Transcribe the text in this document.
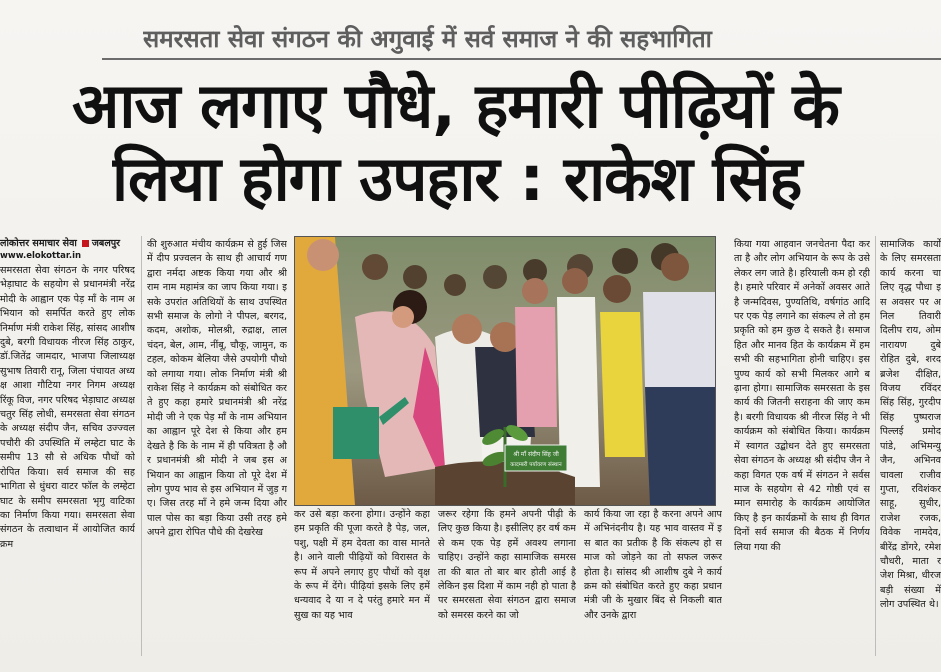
समरसता सेवा संगठन की अगुवाई में सर्व समाज ने की सहभागिता
आज लगाए पौधे, हमारी पीढ़ियों के
लिया होगा उपहार : राकेश सिंह
लोकोत्तर समाचार सेवा जबलपुर
www.elokottar.in
समरसता सेवा संगठन के नगर परिषद भेड़ाघाट के सहयोग से प्रधानमंत्री नरेंद्र मोदी के आह्वान एक पेड़ माँ के नाम अभियान को समर्पित करते हुए लोक निर्माण मंत्री राकेश सिंह, सांसद आशीष दुबे, बरगी विधायक नीरज सिंह ठाकुर, डॉ.जितेंद्र जामदार, भाजपा जिलाध्यक्ष सुभाष तिवारी रानू, जिला पंचायत अध्यक्ष आशा गौटिया नगर निगम अध्यक्ष रिंकू विज, नगर परिषद भेड़ाघाट अध्यक्ष चतुर सिंह लोधी, समरसता सेवा संगठन के अध्यक्ष संदीप जैन, सचिव उज्ज्वल पचौरी की उपस्थिति में लम्हेटा घाट के समीप 13 सौ से अधिक पौधों को रोपित किया। सर्व समाज की सहभागिता से धुंधरा वाटर फॉल के लम्हेटा घाट के समीप समरसता भृगु वाटिका का निर्माण किया गया। समरसता सेवा संगठन के तत्वाधान में आयोजित कार्यक्रम
की शुरुआत मंचीय कार्यक्रम से हुई जिसमें दीप प्रज्वलन के साथ ही आचार्य गण द्वारा नर्मदा अष्टक किया गया और श्री राम नाम महामंत्र का जाप किया गया। इसके उपरांत अतिथियों के साथ उपस्थित सभी समाज के लोगो ने पीपल, बरगद, कदम, अशोक, मोलश्री, रुद्राक्ष, लाल चंदन, बेल, आम, नींबू, चौकू, जामुन, कटहल, कोकम बेलिया जैसे उपयोगी पौधो को लगाया गया। लोक निर्माण मंत्री श्री राकेश सिंह ने कार्यक्रम को संबोधित करते हुए कहा हमारे प्रधानमंत्री श्री नरेंद्र मोदी जी ने एक पेड़ माँ के नाम अभियान का आह्वान पूरे देश से किया और हम देखते है कि के नाम में ही पवित्रता है और प्रधानमंत्री श्री मोदी ने जब इस अभियान का आह्वान किया तो पूरे देश में लोग पुण्य भाव से इस अभियान में जुड़ गए। जिस तरह माँ ने हमे जन्म दिया और पाल पोस का बड़ा किया उसी तरह हमे अपने द्वारा रोपित पौधे की देखरेख
श्री माँ संदीप सिंह जी
कादम्बरी पर्यावरण संस्थान
कर उसे बड़ा करना होगा। उन्होंने कहा हम प्रकृति की पूजा करते है पेड़, जल, पशु, पक्षी में हम देवता का वास मानते है। आने वाली पीढ़ियों को विरासत के रूप में अपने लगाए हुए पौधों को वृक्ष के रूप में देंगे। पीढ़ियां इसके लिए हमें धन्यवाद दे या न दे परंतु हमारे मन में सुख का यह भाव
जरूर रहेगा कि हमने अपनी पीढ़ी के लिए कुछ किया है। इसीलिए हर वर्ष कम से कम एक पेड़ हमें अवश्य लगाना चाहिए। उन्होंने कहा सामाजिक समरसता की बात तो बार बार होती आई है लेकिन इस दिशा में काम नही हो पाता है पर समरसता सेवा संगठन द्वारा समाज को समरस करने का जो
कार्य किया जा रहा है करना अपने आप में अभिनंदनीय है। यह भाव वास्तव में इस बात का प्रतीक है कि संकल्प हो समाज को जोड़ने का तो सफल जरूर होता है। सांसद श्री आशीष दुबे ने कार्यक्रम को संबोधित करते हुए कहा प्रधानमंत्री जी के मुखार बिंद से निकली बात और उनके द्वारा
किया गया आहवान जनचेतना पैदा करता है और लोग अभियान के रूप के उसे लेकर लग जाते है। हरियाली कम हो रही है। हमारे परिवार में अनेकों अवसर आते है जन्मदिवस, पुण्यतिथि, वर्षगांठ आदि पर एक पेड़ लगाने का संकल्प ले तो हम प्रकृति को हम कुछ दे सकते है। समाज हित और मानव हित के कार्यक्रम में हम सभी की सहभागिता होनी चाहिए। इस पुण्य कार्य को सभी मिलकर आगे बढ़ाना होगा। सामाजिक समरसता के इस कार्य की जितनी सराहना की जाए कम है। बरगी विधायक श्री नीरज सिंह ने भी कार्यक्रम को संबोधित किया। कार्यक्रम में स्वागत उद्बोधन देते हुए समरसता सेवा संगठन के अध्यक्ष श्री संदीप जैन ने कहा विगत एक वर्ष में संगठन ने सर्वसमाज के सहयोग से 42 गोष्ठी एवं सम्मान समारोह के कार्यक्रम आयोजित किए है इन कार्यक्रमों के साथ ही विगत दिनों सर्व समाज की बैठक में निर्णय लिया गया की
सामाजिक कार्यों के लिए समरसता कार्य करना चा लिए वृद्ध पौधा इस अवसर पर अनिल तिवारी दिलीप राय, ओमनारायण दुबे रोहित दुबे, शरद ब्रजेश दीक्षित, विजय रविंदर सिंह सिंह, गुरदीप सिंह पुष्पराज पिल्लई प्रमोद पांडे, अभिमन्यु जैन, अभिनव चावला राजीव गुप्ता, रविशंकर साहू, सुधीर, राजेश रजक, विवेक नामदेव, बीरेंद्र डोंगरे, रमेश चौधरी, माता रजेश मिश्रा, धीरज बड़ी संख्या में लोग उपस्थित थे।
